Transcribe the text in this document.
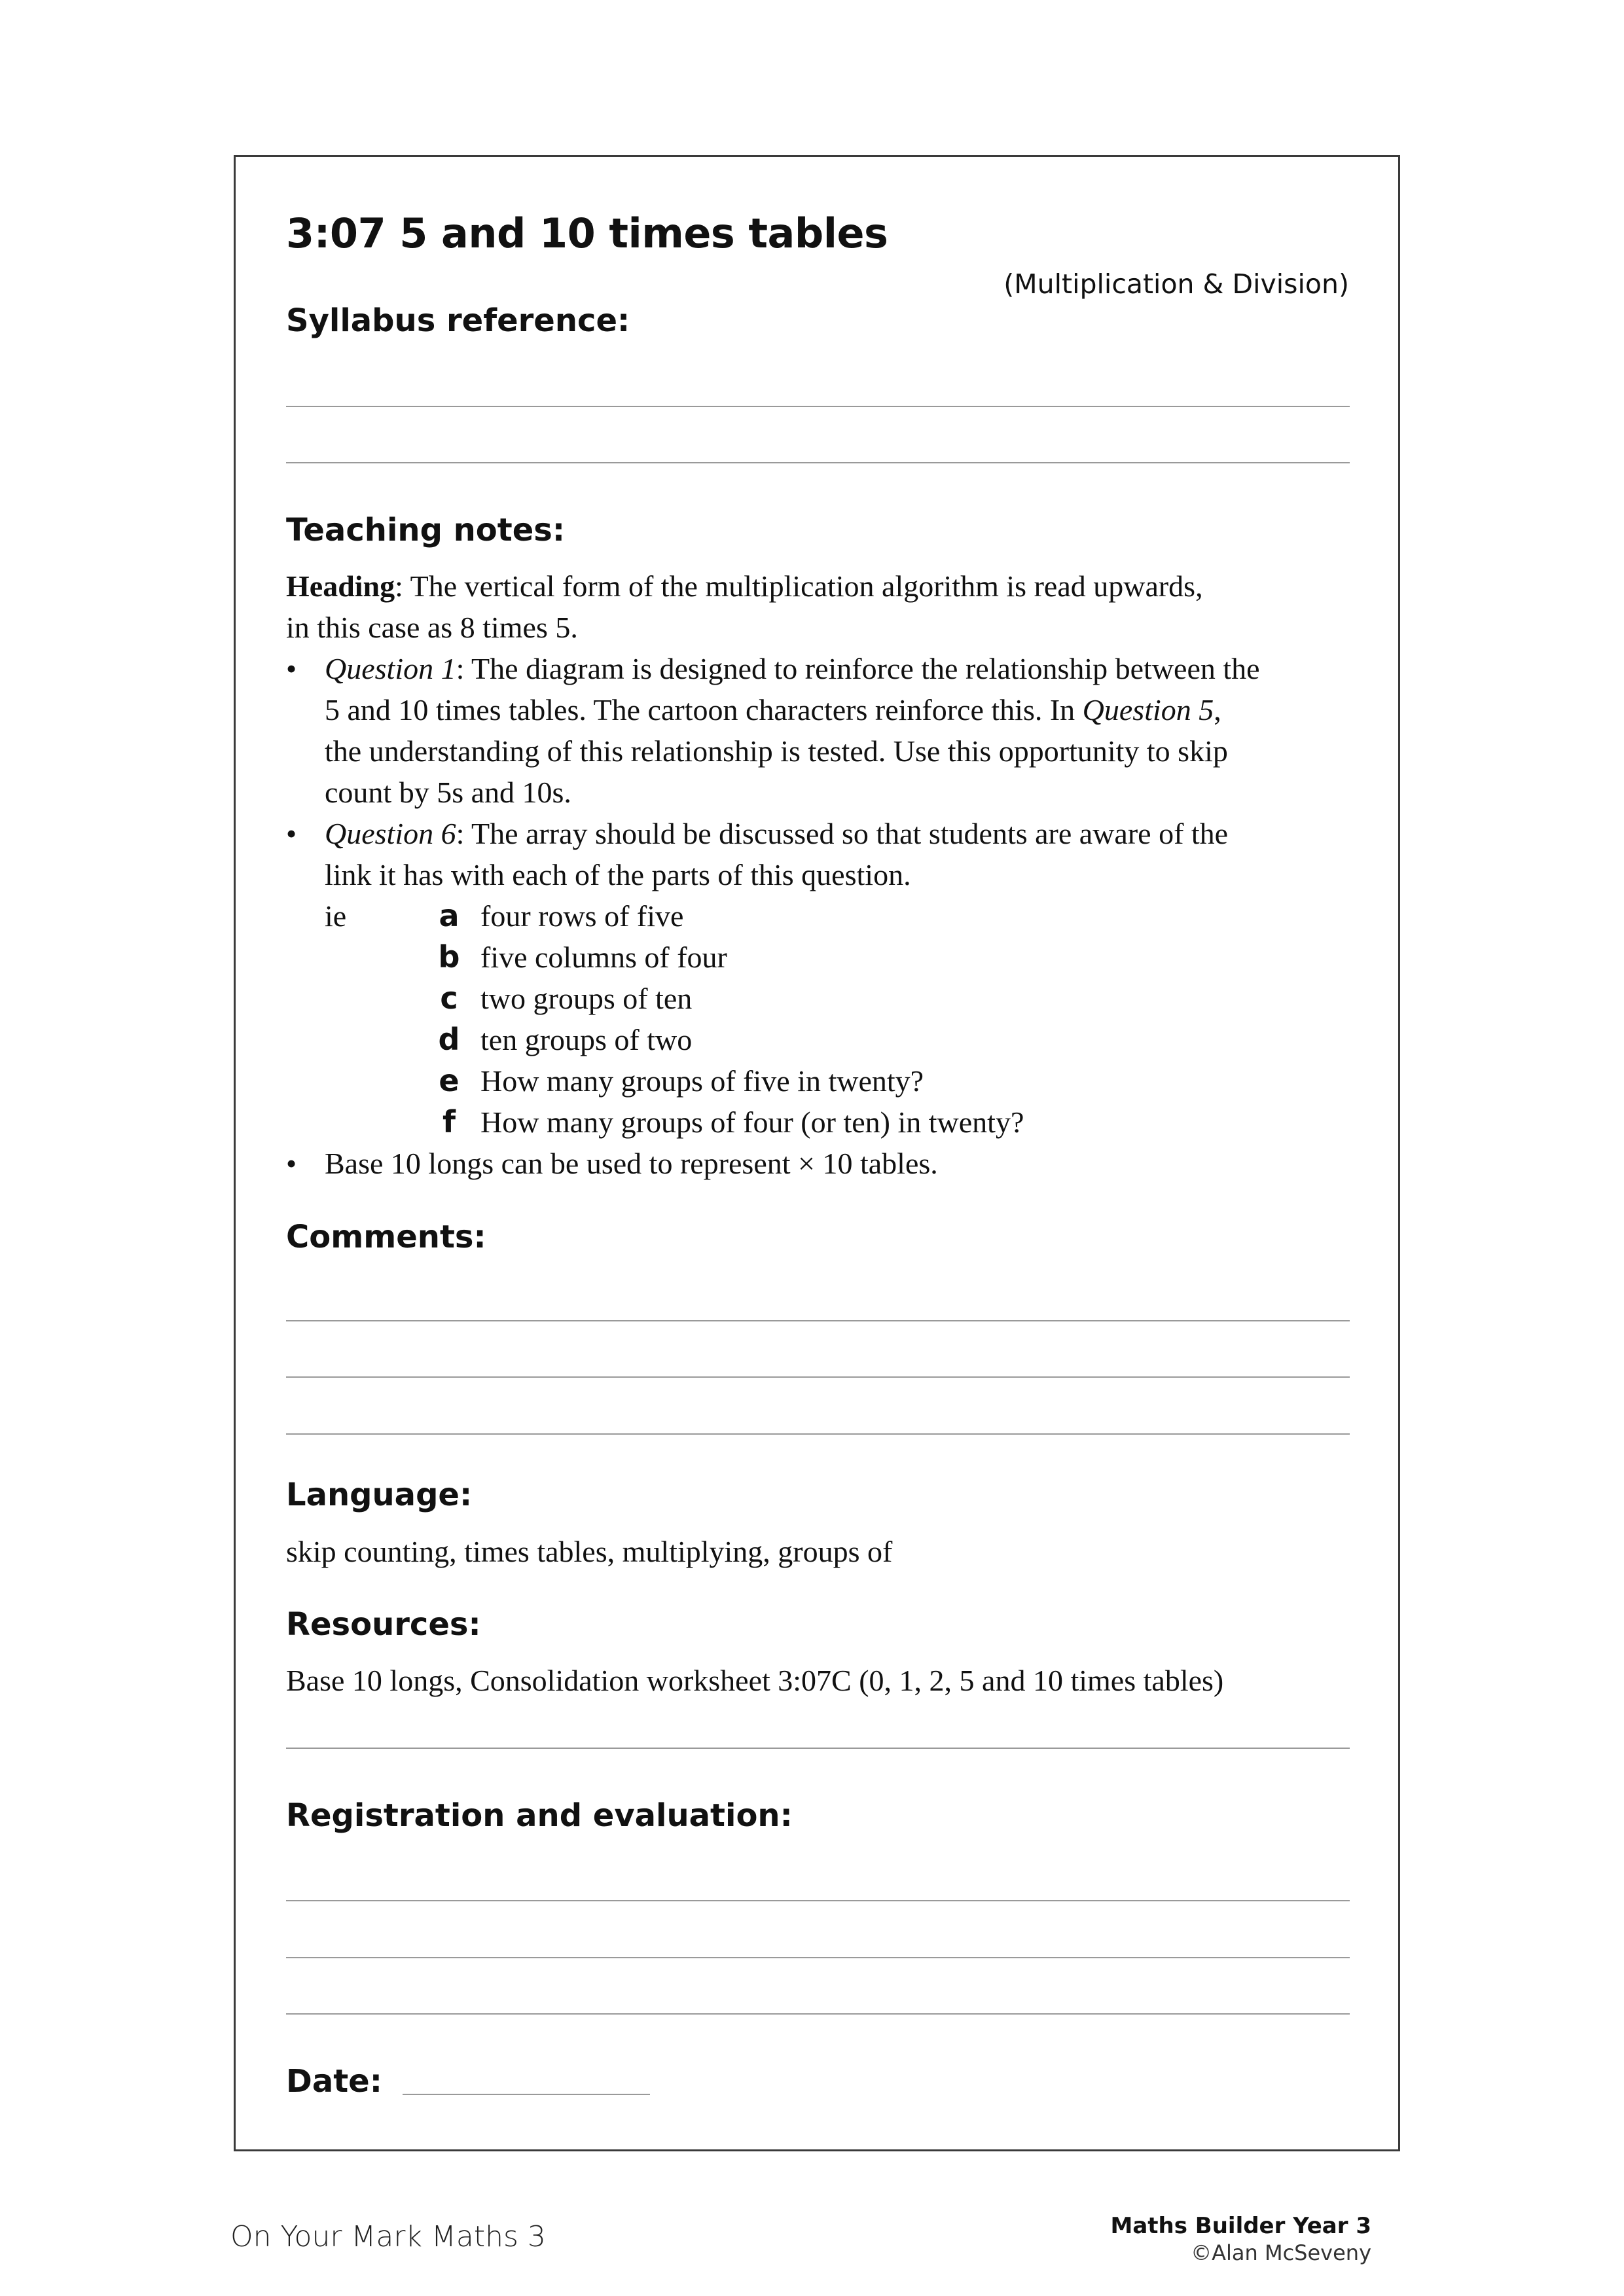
3:07 5 and 10 times tables
(Multiplication & Division)
Syllabus reference:
Teaching notes:

Heading: The vertical form of the multiplication algorithm is read upwards,

in this case as 8 times 5.

• Question 1: The diagram is designed to reinforce the relationship between the

5 and 10 times tables. The cartoon characters reinforce this. In Question 5,

the understanding of this relationship is tested. Use this opportunity to skip

count by 5s and 10s.

• Question 6: The array should be discussed so that students are aware of the

link it has with each of the parts of this question.

ie	a four rows of five
b five columns of four
c two groups of ten
d ten groups of two
e How many groups of five in twenty?
f How many groups of four (or ten) in twenty?
• Base 10 longs can be used to represent × 10 tables.

Comments:
Language:

skip counting, times tables, multiplying, groups of

Resources:

Base 10 longs, Consolidation worksheet 3:07C (0, 1, 2, 5 and 10 times tables)

Registration and evaluation:
Date:
On Your Mark Maths 3	Maths Builder Year 3
©Alan McSeveny
